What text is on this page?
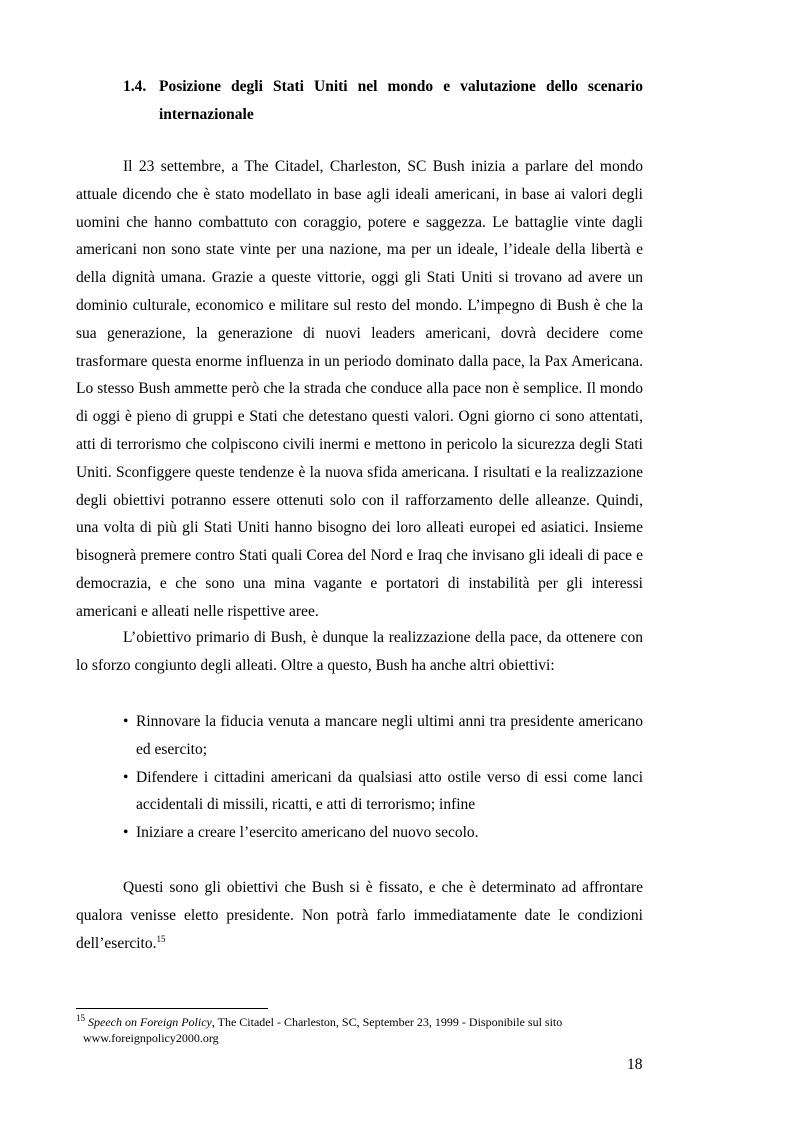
1.4. Posizione degli Stati Uniti nel mondo e valutazione dello scenario internazionale

Il 23 settembre, a The Citadel, Charleston, SC Bush inizia a parlare del mondo attuale dicendo che è stato modellato in base agli ideali americani, in base ai valori degli uomini che hanno combattuto con coraggio, potere e saggezza. Le battaglie vinte dagli americani non sono state vinte per una nazione, ma per un ideale, l’ideale della libertà e della dignità umana. Grazie a queste vittorie, oggi gli Stati Uniti si trovano ad avere un dominio culturale, economico e militare sul resto del mondo. L’impegno di Bush è che la sua generazione, la generazione di nuovi leaders americani, dovrà decidere come trasformare questa enorme influenza in un periodo dominato dalla pace, la Pax Americana. Lo stesso Bush ammette però che la strada che conduce alla pace non è semplice. Il mondo di oggi è pieno di gruppi e Stati che detestano questi valori. Ogni giorno ci sono attentati, atti di terrorismo che colpiscono civili inermi e mettono in pericolo la sicurezza degli Stati Uniti. Sconfiggere queste tendenze è la nuova sfida americana. I risultati e la realizzazione degli obiettivi potranno essere ottenuti solo con il rafforzamento delle alleanze. Quindi, una volta di più gli Stati Uniti hanno bisogno dei loro alleati europei ed asiatici. Insieme bisognerà premere contro Stati quali Corea del Nord e Iraq che invisano gli ideali di pace e democrazia, e che sono una mina vagante e portatori di instabilità per gli interessi americani e alleati nelle rispettive aree.

L’obiettivo primario di Bush, è dunque la realizzazione della pace, da ottenere con lo sforzo congiunto degli alleati. Oltre a questo, Bush ha anche altri obiettivi:

• Rinnovare la fiducia venuta a mancare negli ultimi anni tra presidente americano ed esercito;
• Difendere i cittadini americani da qualsiasi atto ostile verso di essi come lanci accidentali di missili, ricatti, e atti di terrorismo; infine
• Iniziare a creare l’esercito americano del nuovo secolo.

Questi sono gli obiettivi che Bush si è fissato, e che è determinato ad affrontare qualora venisse eletto presidente. Non potrà farlo immediatamente date le condizioni dell’esercito.$^{15}$

$^{15}$ Speech on Foreign Policy, The Citadel - Charleston, SC, September 23, 1999 - Disponibile sul sito
www.foreignpolicy2000.org
18
